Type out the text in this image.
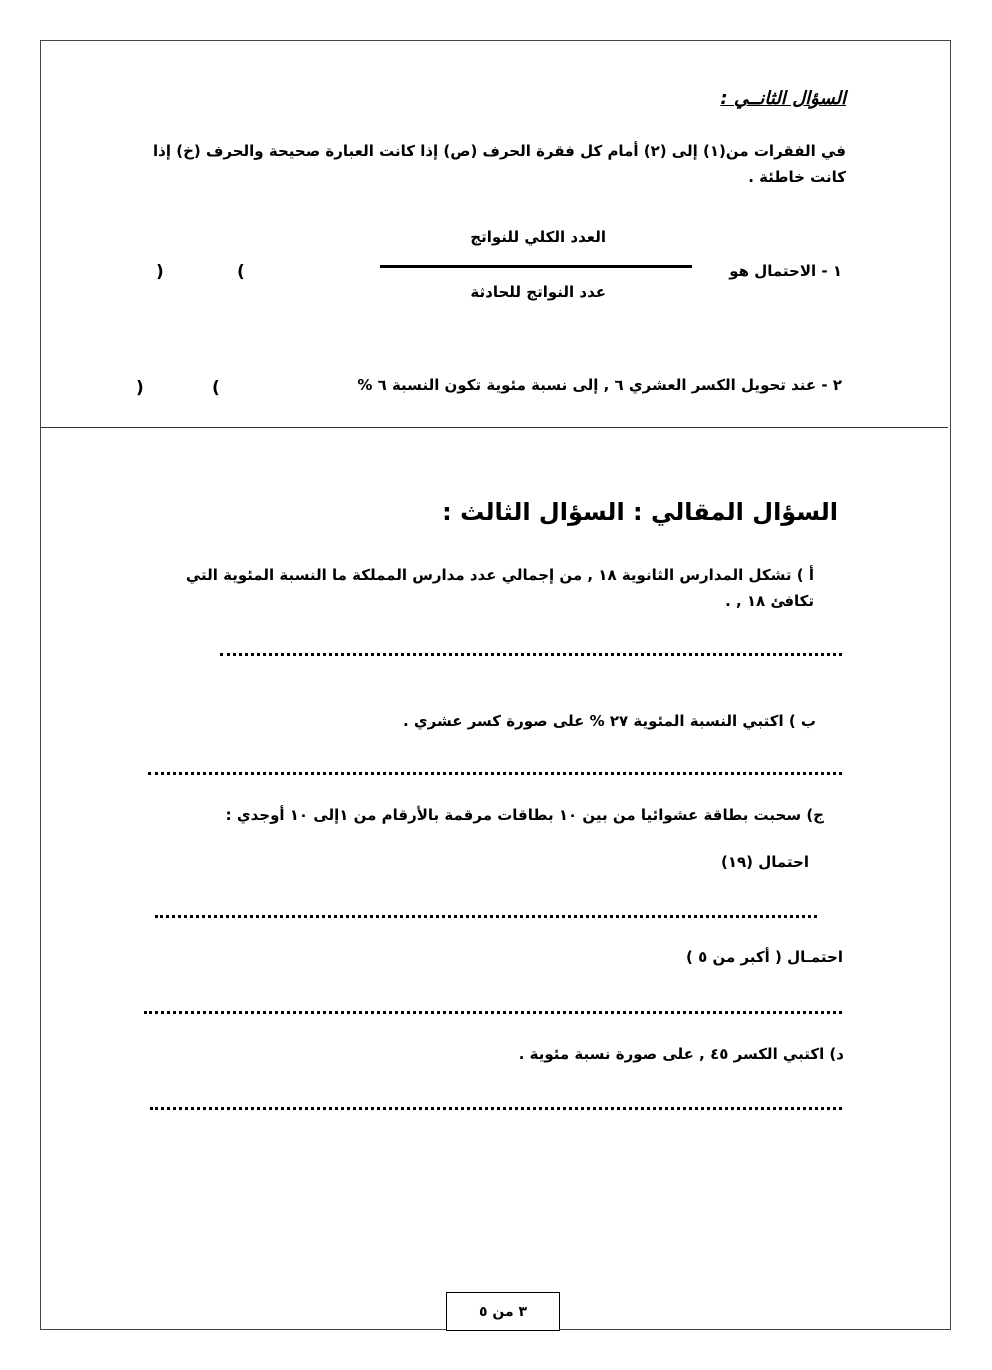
السؤال الثانــي :
في الفقرات من(١) إلى (٢) أمام كل فقرة الحرف (ص) إذا كانت العبارة صحيحة والحرف (خ) إذا كانت خاطئة .
العدد الكلي للنواتج
عدد النواتج للحادثة
١ - الاحتمال هو
(
)
٢ - عند تحويل الكسر العشري ٦ , إلى نسبة مئوية تكون النسبة ٦ %
(
)
السؤال المقالي : السؤال الثالث :
أ ) تشكل المدارس الثانوية ١٨ , من إجمالي عدد مدارس المملكة ما النسبة المئوية التي تكافئ ١٨ , .
ب ) اكتبي النسبة المئوية ٢٧ % على صورة كسر عشري .
ج) سحبت بطاقة عشوائيا من بين ١٠ بطاقات مرقمة بالأرقام من ١إلى ١٠ أوجدي :
احتمال (١٩)
احتمـال ( أكبر من ٥ )
د) اكتبي الكسر ٤٥ , على صورة نسبة مئوية .
٣ من ٥
